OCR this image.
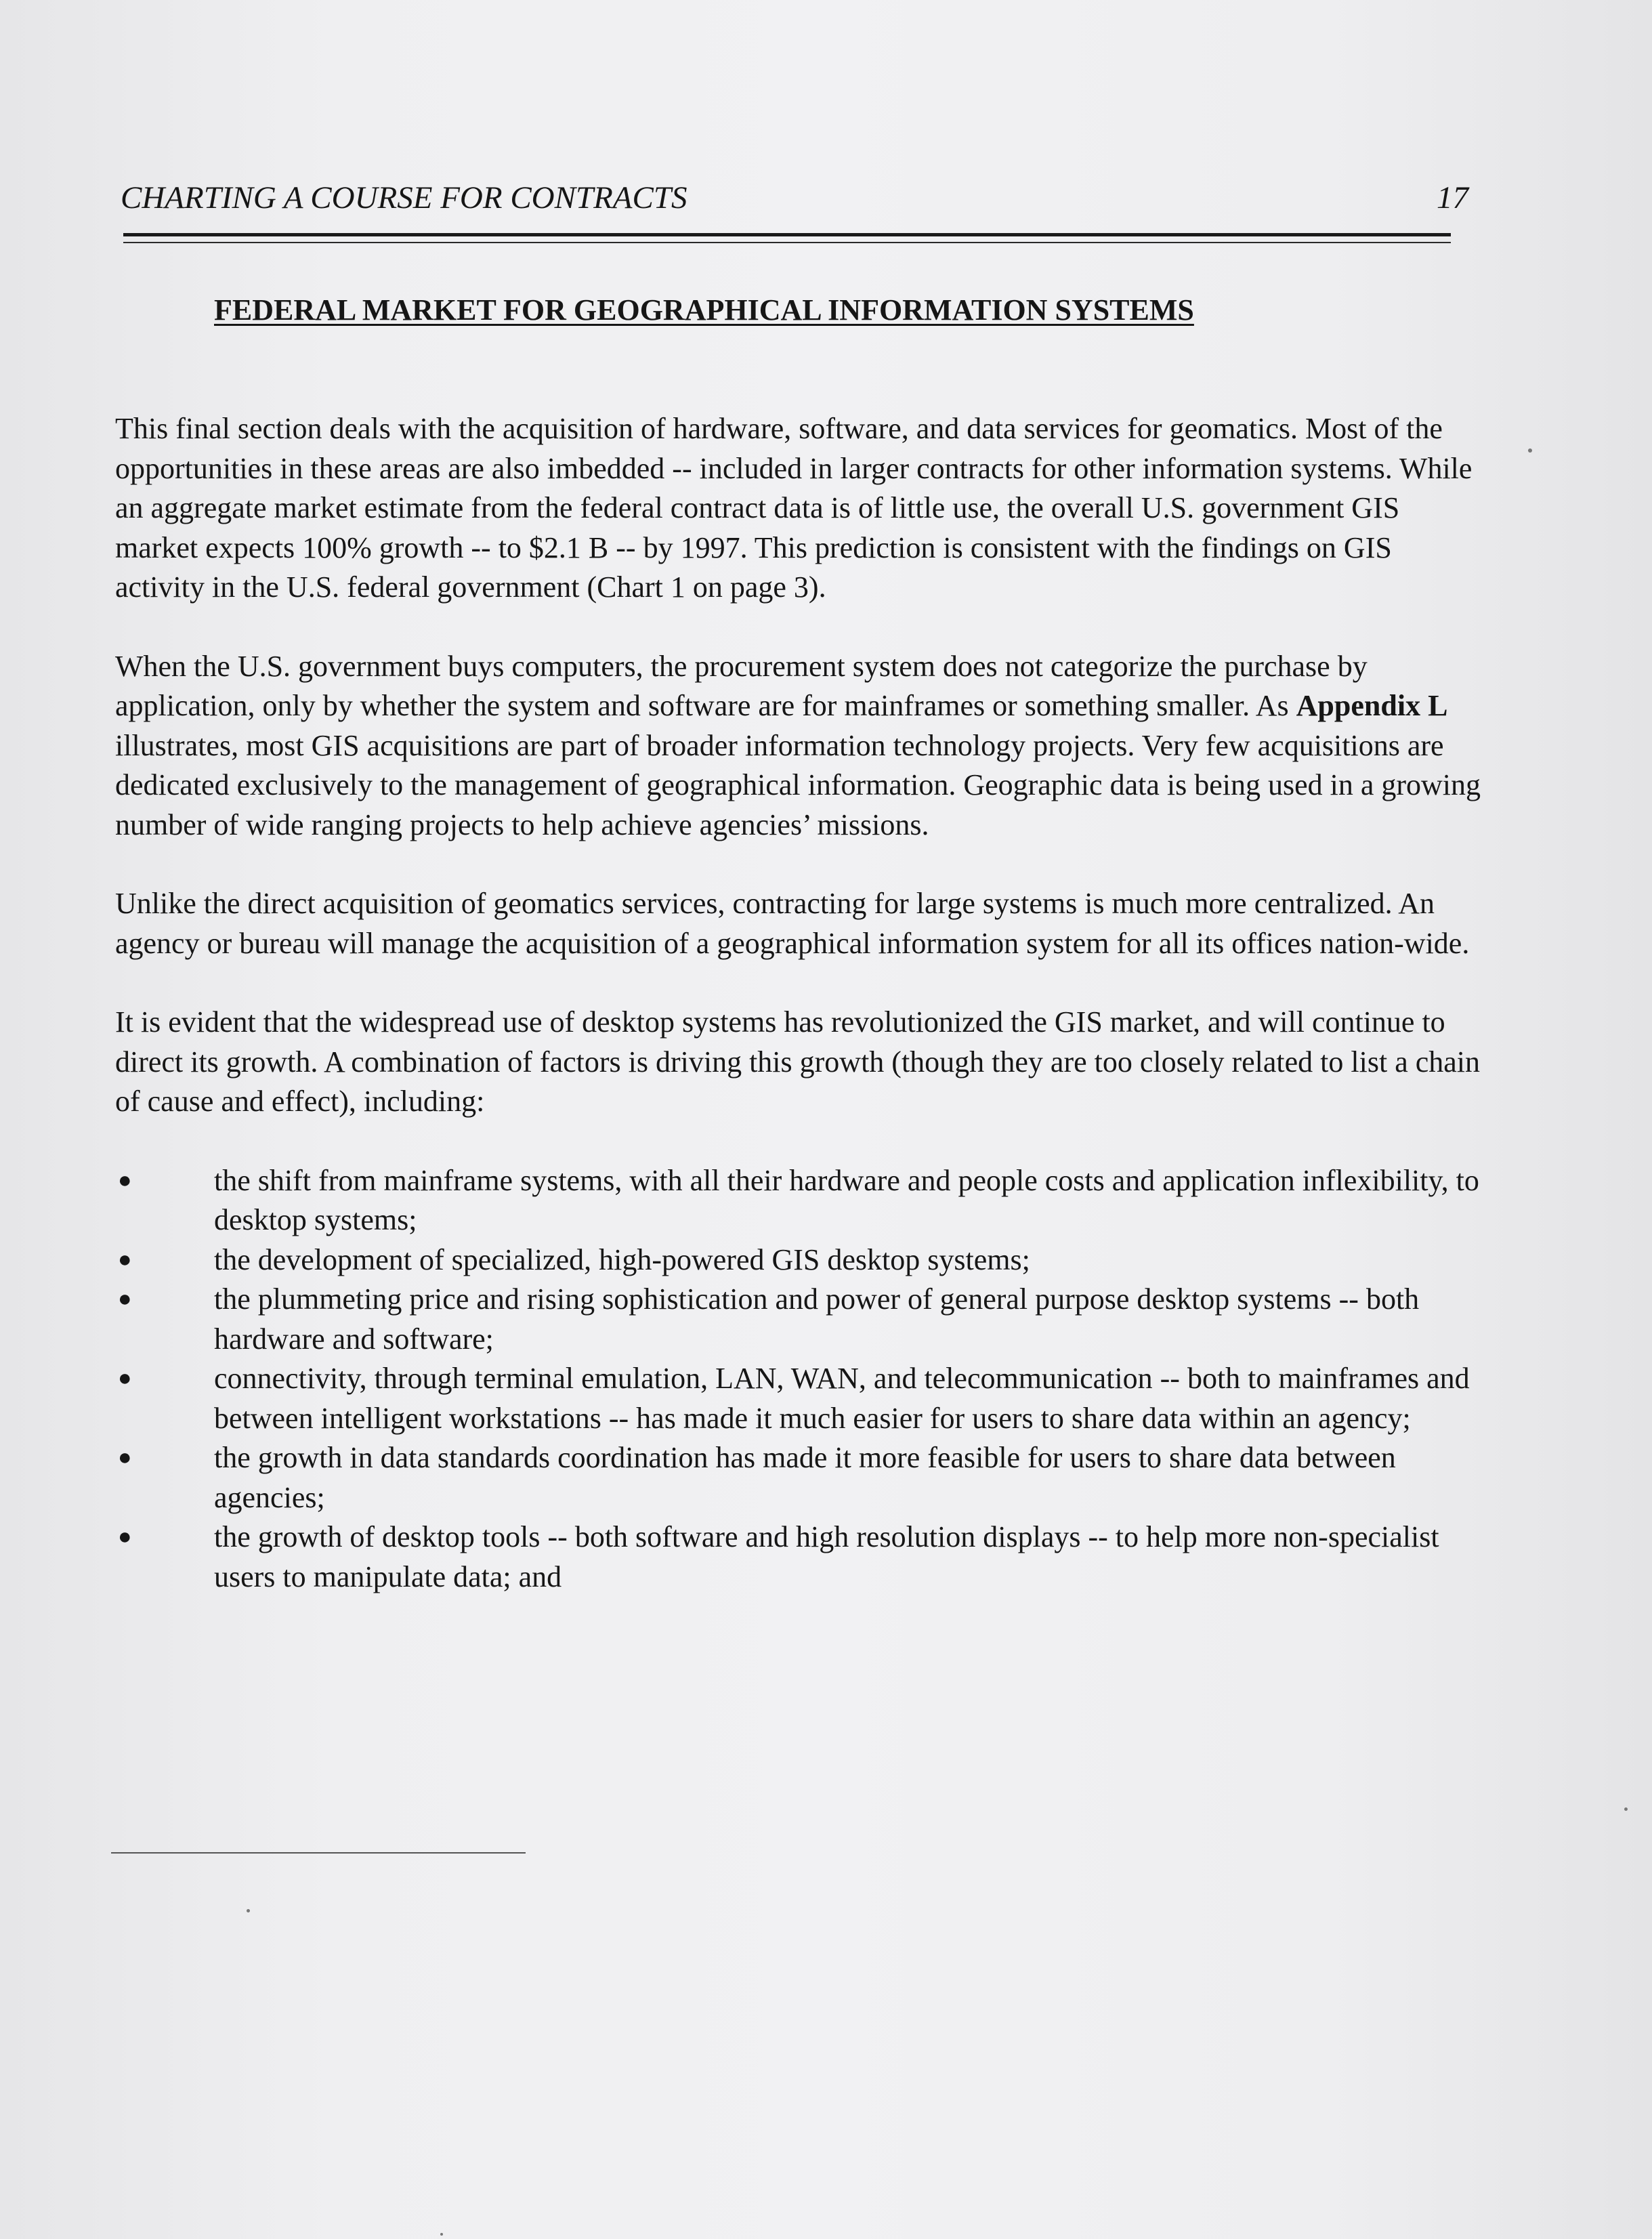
CHARTING A COURSE FOR CONTRACTS	17
FEDERAL MARKET FOR GEOGRAPHICAL INFORMATION SYSTEMS

This final section deals with the acquisition of hardware, software, and data services for geomatics. Most of the opportunities in these areas are also imbedded -- included in larger contracts for other information systems. While an aggregate market estimate from the federal contract data is of little use, the overall U.S. government GIS market expects 100% growth -- to $2.1 B -- by 1997. This prediction is consistent with the findings on GIS activity in the U.S. federal government (Chart 1 on page 3).

When the U.S. government buys computers, the procurement system does not categorize the purchase by application, only by whether the system and software are for mainframes or something smaller. As Appendix L illustrates, most GIS acquisitions are part of broader information technology projects. Very few acquisitions are dedicated exclusively to the management of geographical information. Geographic data is being used in a growing number of wide ranging projects to help achieve agencies’ missions.

Unlike the direct acquisition of geomatics services, contracting for large systems is much more centralized. An agency or bureau will manage the acquisition of a geographical information system for all its offices nation-wide.

It is evident that the widespread use of desktop systems has revolutionized the GIS market, and will continue to direct its growth. A combination of factors is driving this growth (though they are too closely related to list a chain of cause and effect), including:

●	the shift from mainframe systems, with all their hardware and people costs and application inflexibility, to desktop systems;
●	the development of specialized, high-powered GIS desktop systems;
●	the plummeting price and rising sophistication and power of general purpose desktop systems -- both hardware and software;
●	connectivity, through terminal emulation, LAN, WAN, and telecommunication -- both to mainframes and between intelligent workstations -- has made it much easier for users to share data within an agency;
●	the growth in data standards coordination has made it more feasible for users to share data between agencies;
●	the growth of desktop tools -- both software and high resolution displays -- to help more non-specialist users to manipulate data; and
